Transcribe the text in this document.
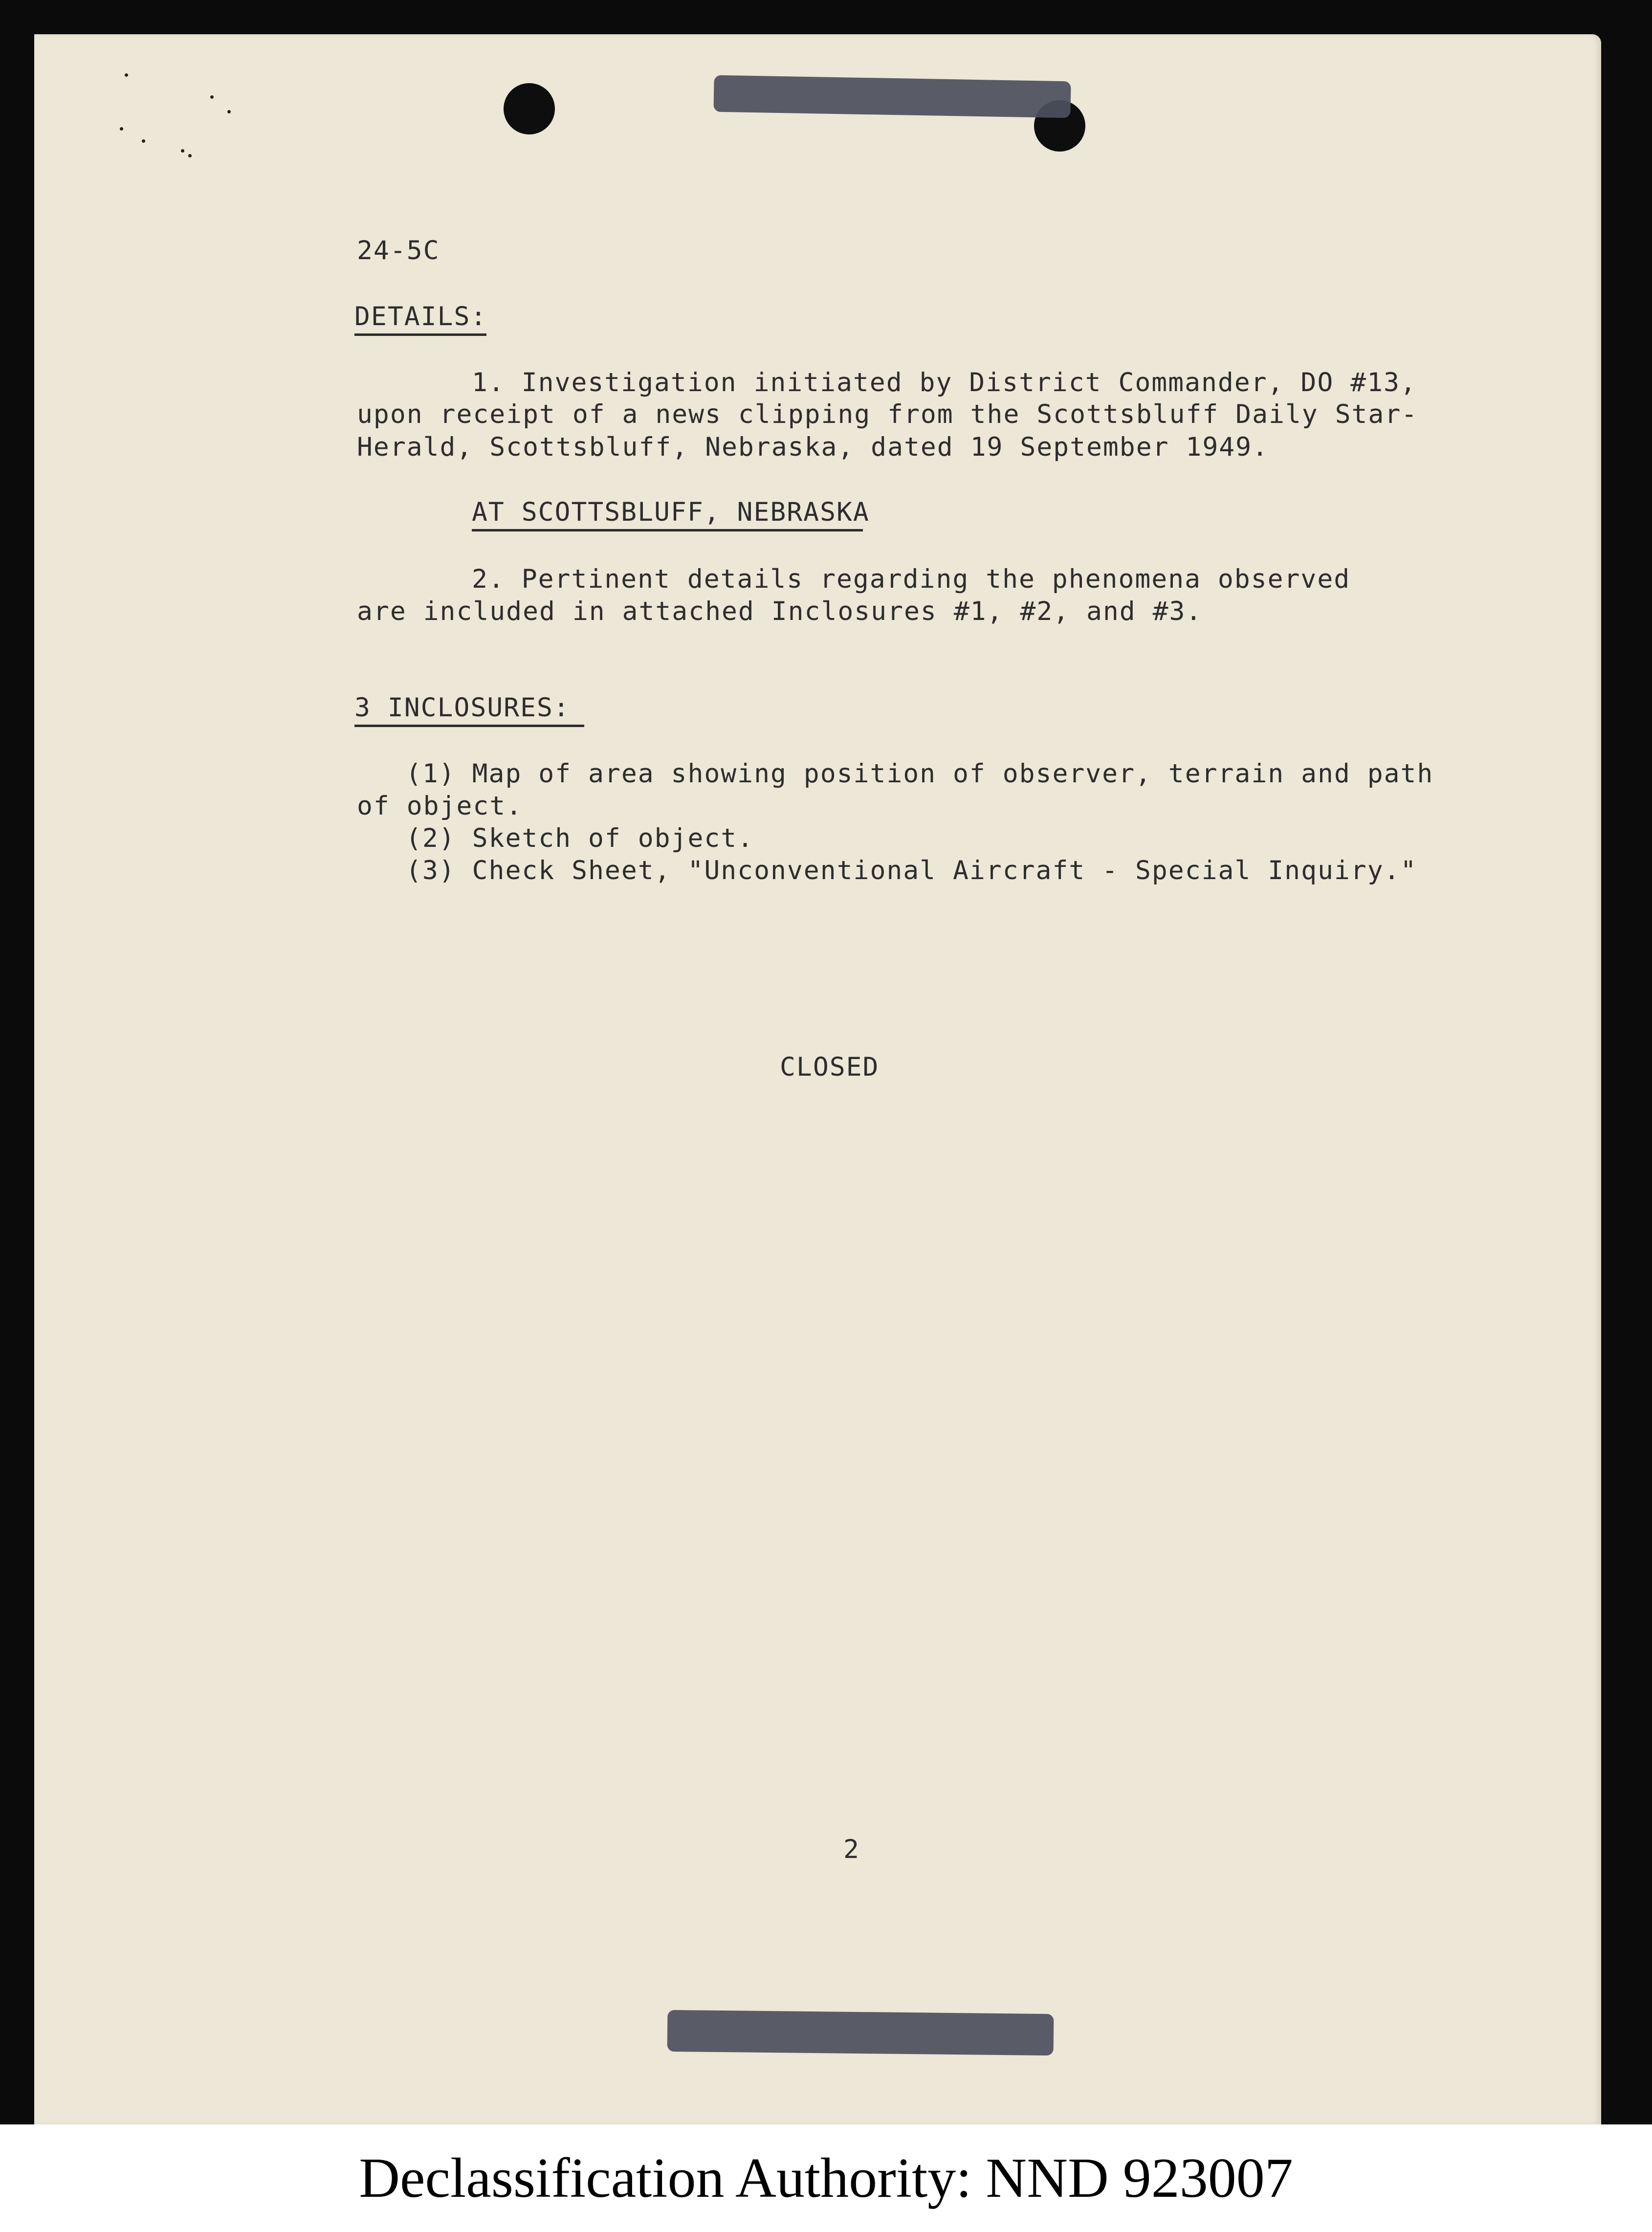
24-5C
DETAILS:
1. Investigation initiated by District Commander, DO #13,
upon receipt of a news clipping from the Scottsbluff Daily Star-
Herald, Scottsbluff, Nebraska, dated 19 September 1949.
AT SCOTTSBLUFF, NEBRASKA
2. Pertinent details regarding the phenomena observed
are included in attached Inclosures #1, #2, and #3.
3 INCLOSURES:
(1) Map of area showing position of observer, terrain and path
of object.
(2) Sketch of object.
(3) Check Sheet, "Unconventional Aircraft - Special Inquiry."
CLOSED
2
Declassification Authority: NND 923007
